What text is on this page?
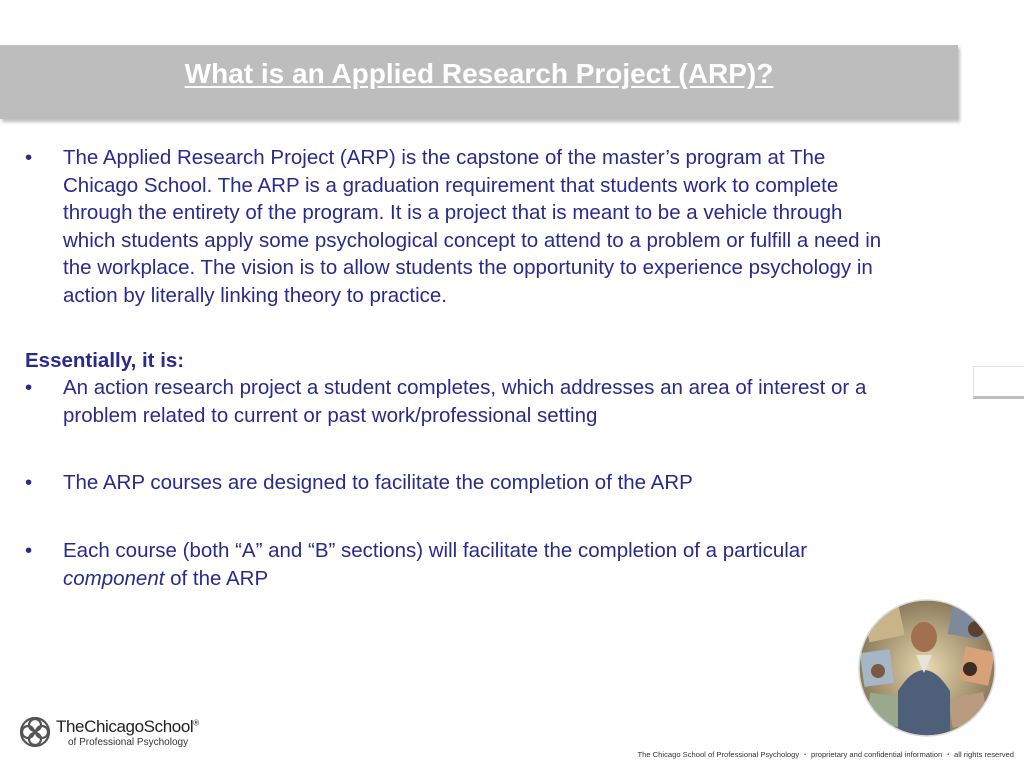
What is an Applied Research Project (ARP)?

• The Applied Research Project (ARP) is the capstone of the master’s program at The Chicago School. The ARP is a graduation requirement that students work to complete through the entirety of the program. It is a project that is meant to be a vehicle through which students apply some psychological concept to attend to a problem or fulfill a need in the workplace. The vision is to allow students the opportunity to experience psychology in action by literally linking theory to practice.

Essentially, it is:

• An action research project a student completes, which addresses an area of interest or a problem related to current or past work/professional setting

• The ARP courses are designed to facilitate the completion of the ARP

• Each course (both “A” and “B” sections) will facilitate the completion of a particular component of the ARP

TheChicagoSchool®
of Professional Psychology
The Chicago School of Professional Psychology ・ proprietary and confidential information ・ all rights reserved
